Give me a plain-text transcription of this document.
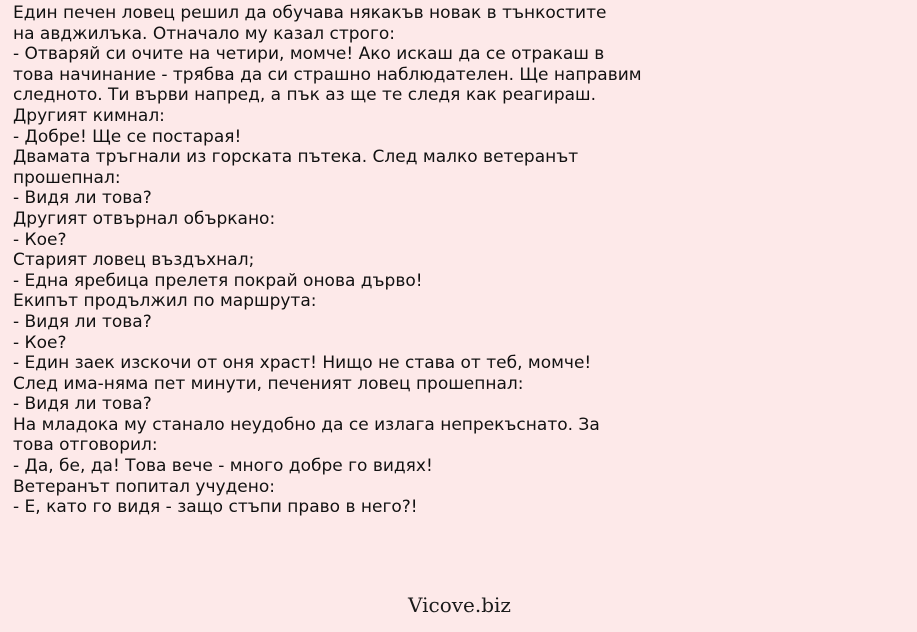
Един печен ловец решил да обучава някакъв новак в тънкостите
на авджилъка. Отначало му казал строго:
- Отваряй си очите на четири, момче! Ако искаш да се отракаш в
това начинание - трябва да си страшно наблюдателен. Ще направим
следното. Ти върви напред, а пък аз ще те следя как реагираш.
Другият кимнал:
- Добре! Ще се постарая!
Двамата тръгнали из горската пътека. След малко ветеранът
прошепнал:
- Видя ли това?
Другият отвърнал объркано:
- Кое?
Старият ловец въздъхнал;
- Една яребица прелетя покрай онова дърво!
Екипът продължил по маршрута:
- Видя ли това?
- Кое?
- Един заек изскочи от оня храст! Нищо не става от теб, момче!
След има-няма пет минути, печеният ловец прошепнал:
- Видя ли това?
На младока му станало неудобно да се излага непрекъснато. За
това отговорил:
- Да, бе, да! Това вече - много добре го видях!
Ветеранът попитал учудено:
- Е, като го видя - защо стъпи право в него?!
Vicove.biz
